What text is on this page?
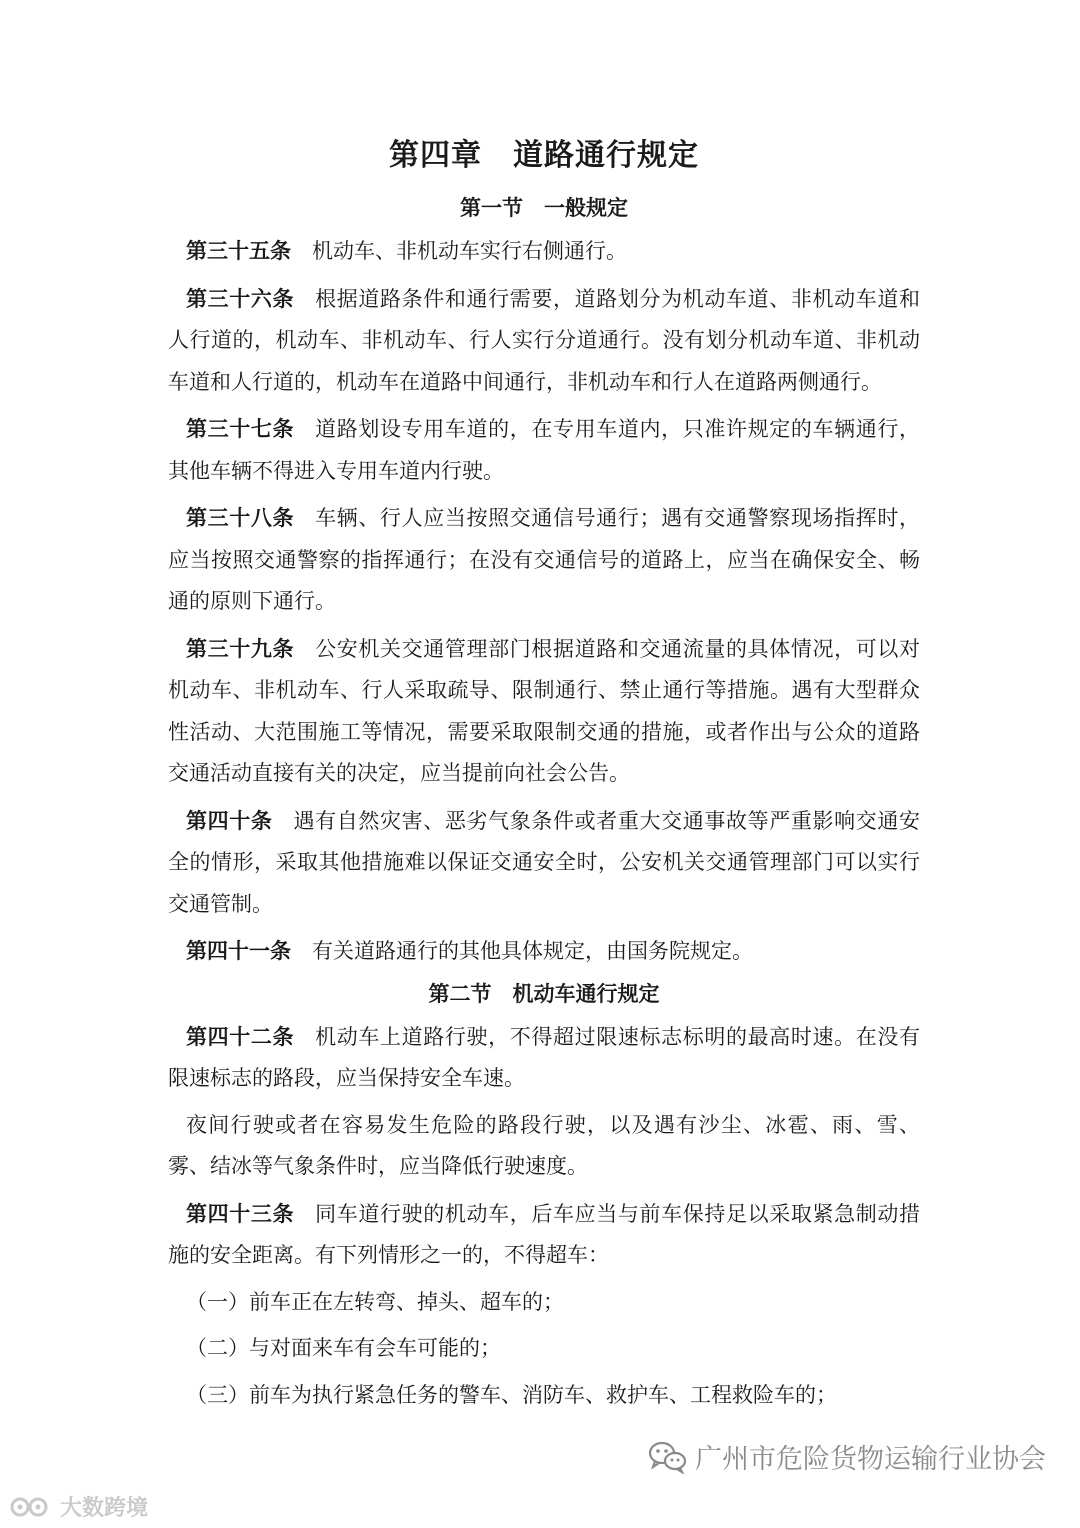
第四章　道路通行规定
第一节　一般规定

第三十五条 机动车、非机动车实行右侧通行。

第三十六条 根据道路条件和通行需要，道路划分为机动车道、非机动车道和人行道的，机动车、非机动车、行人实行分道通行。没有划分机动车道、非机动车道和人行道的，机动车在道路中间通行，非机动车和行人在道路两侧通行。

第三十七条 道路划设专用车道的，在专用车道内，只准许规定的车辆通行，其他车辆不得进入专用车道内行驶。

第三十八条 车辆、行人应当按照交通信号通行；遇有交通警察现场指挥时，应当按照交通警察的指挥通行；在没有交通信号的道路上，应当在确保安全、畅通的原则下通行。

第三十九条 公安机关交通管理部门根据道路和交通流量的具体情况，可以对机动车、非机动车、行人采取疏导、限制通行、禁止通行等措施。遇有大型群众性活动、大范围施工等情况，需要采取限制交通的措施，或者作出与公众的道路交通活动直接有关的决定，应当提前向社会公告。

第四十条 遇有自然灾害、恶劣气象条件或者重大交通事故等严重影响交通安全的情形，采取其他措施难以保证交通安全时，公安机关交通管理部门可以实行交通管制。

第四十一条 有关道路通行的其他具体规定，由国务院规定。

第二节　机动车通行规定

第四十二条 机动车上道路行驶，不得超过限速标志标明的最高时速。在没有限速标志的路段，应当保持安全车速。

夜间行驶或者在容易发生危险的路段行驶，以及遇有沙尘、冰雹、雨、雪、雾、结冰等气象条件时，应当降低行驶速度。

第四十三条 同车道行驶的机动车，后车应当与前车保持足以采取紧急制动措施的安全距离。有下列情形之一的，不得超车：

（一）前车正在左转弯、掉头、超车的；

（二）与对面来车有会车可能的；

（三）前车为执行紧急任务的警车、消防车、救护车、工程救险车的；

广州市危险货物运输行业协会
大数跨境
